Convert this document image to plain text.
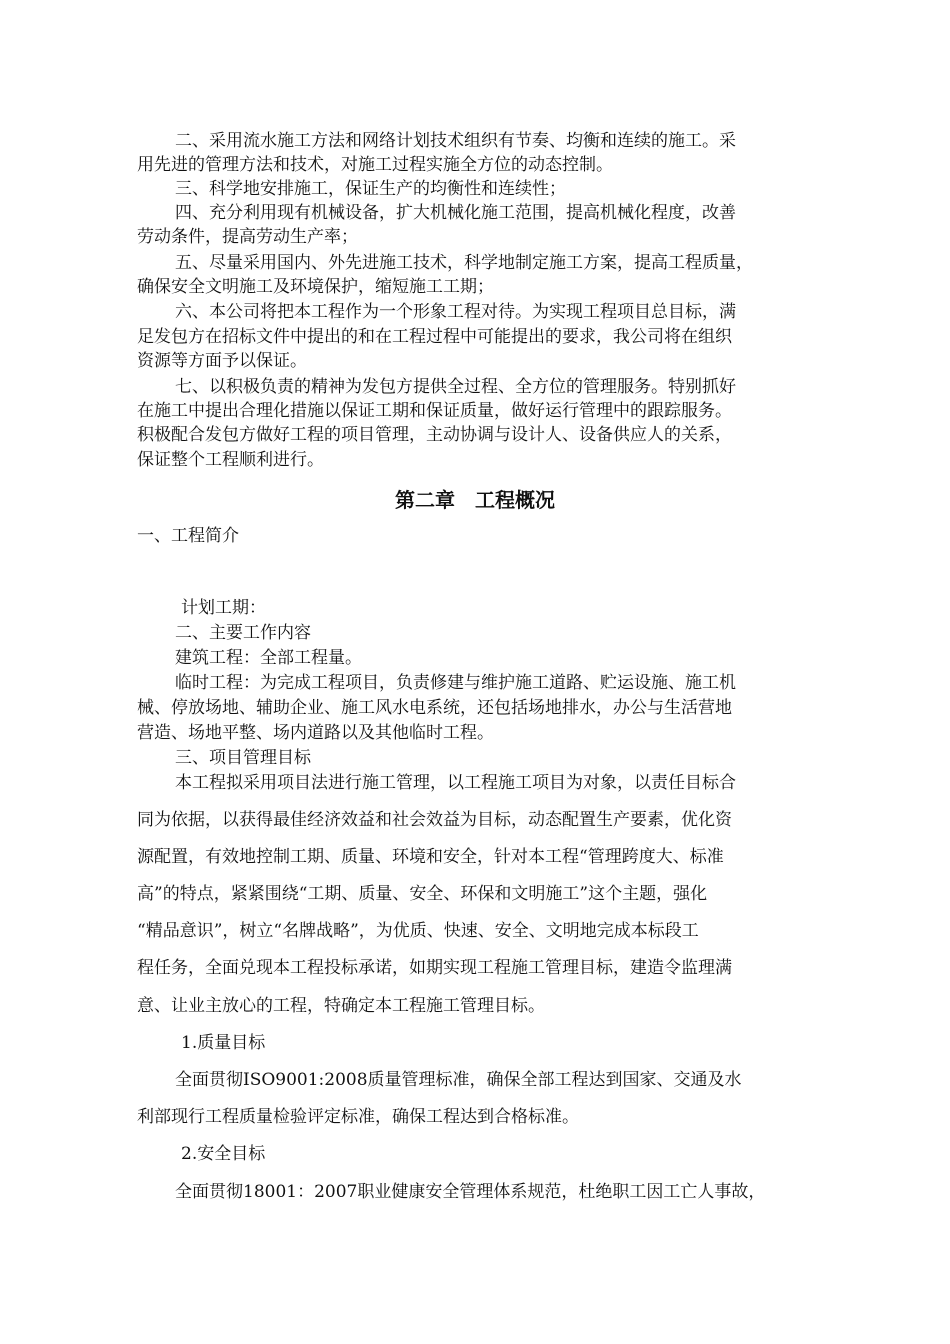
二、采用流水施工方法和网络计划技术组织有节奏、均衡和连续的施工。采
用先进的管理方法和技术，对施工过程实施全方位的动态控制。
三、科学地安排施工，保证生产的均衡性和连续性；
四、充分利用现有机械设备，扩大机械化施工范围，提高机械化程度，改善
劳动条件，提高劳动生产率；
五、尽量采用国内、外先进施工技术，科学地制定施工方案，提高工程质量，
确保安全文明施工及环境保护，缩短施工工期；
六、本公司将把本工程作为一个形象工程对待。为实现工程项目总目标，满
足发包方在招标文件中提出的和在工程过程中可能提出的要求，我公司将在组织
资源等方面予以保证。
七、以积极负责的精神为发包方提供全过程、全方位的管理服务。特别抓好
在施工中提出合理化措施以保证工期和保证质量，做好运行管理中的跟踪服务。
积极配合发包方做好工程的项目管理，主动协调与设计人、设备供应人的关系，
保证整个工程顺利进行。
第二章　工程概况
一、工程简介
计划工期：
二、主要工作内容
建筑工程：全部工程量。
临时工程：为完成工程项目，负责修建与维护施工道路、贮运设施、施工机
械、停放场地、辅助企业、施工风水电系统，还包括场地排水，办公与生活营地
营造、场地平整、场内道路以及其他临时工程。
三、项目管理目标
本工程拟采用项目法进行施工管理，以工程施工项目为对象，以责任目标合
同为依据，以获得最佳经济效益和社会效益为目标，动态配置生产要素，优化资
源配置，有效地控制工期、质量、环境和安全，针对本工程“管理跨度大、标准
高”的特点，紧紧围绕“工期、质量、安全、环保和文明施工”这个主题，强化
“精品意识”，树立“名牌战略”，为优质、快速、安全、文明地完成本标段工
程任务，全面兑现本工程投标承诺，如期实现工程施工管理目标，建造令监理满
意、让业主放心的工程，特确定本工程施工管理目标。
1.质量目标
全面贯彻ISO9001:2008质量管理标准，确保全部工程达到国家、交通及水
利部现行工程质量检验评定标准，确保工程达到合格标准。
2.安全目标
全面贯彻18001：2007职业健康安全管理体系规范，杜绝职工因工亡人事故，
